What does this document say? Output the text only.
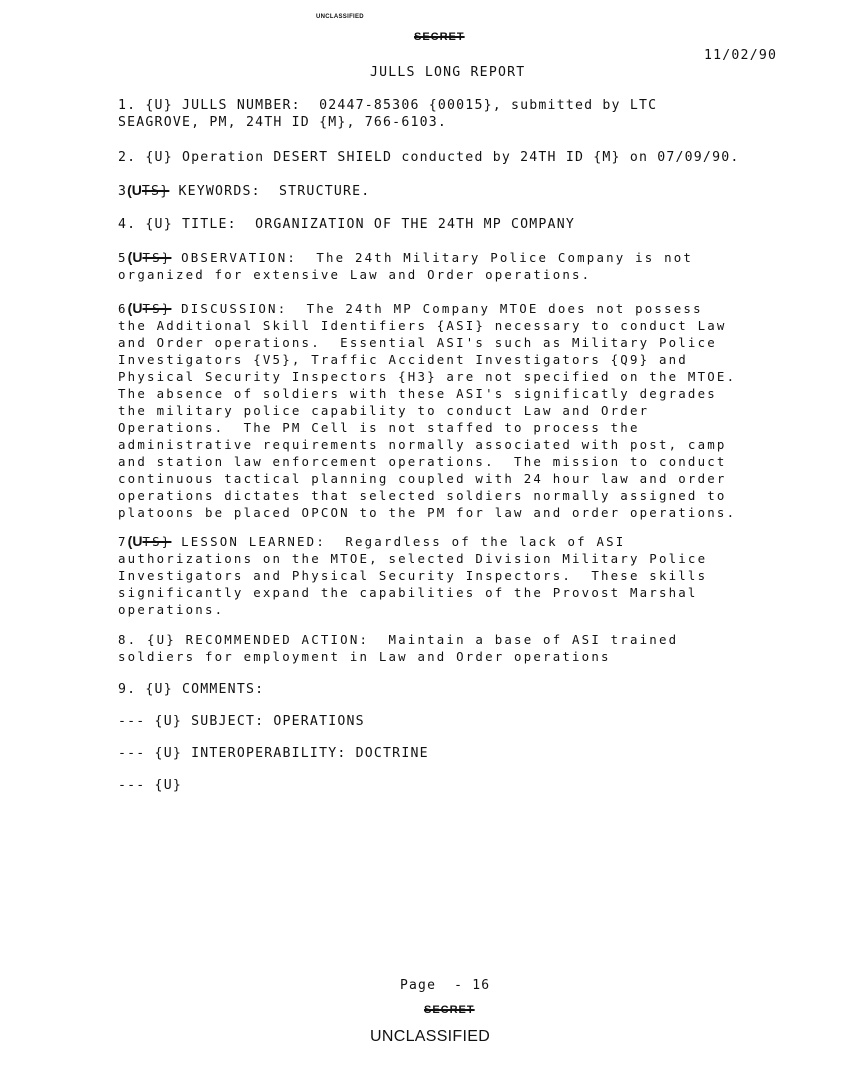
UNCLASSIFIED
SECRET
11/02/90
JULLS LONG REPORT
1. {U} JULLS NUMBER:  02447-85306 {00015}, submitted by LTC
SEAGROVE, PM, 24TH ID {M}, 766-6103.
2. {U} Operation DESERT SHIELD conducted by 24TH ID {M} on 07/09/90.
3(UTS} KEYWORDS:  STRUCTURE.
4. {U} TITLE:  ORGANIZATION OF THE 24TH MP COMPANY
5(UTS} OBSERVATION:  The 24th Military Police Company is not
organized for extensive Law and Order operations.
6(UTS} DISCUSSION:  The 24th MP Company MTOE does not possess
the Additional Skill Identifiers {ASI} necessary to conduct Law
and Order operations.  Essential ASI's such as Military Police
Investigators {V5}, Traffic Accident Investigators {Q9} and
Physical Security Inspectors {H3} are not specified on the MTOE.
The absence of soldiers with these ASI's significatly degrades
the military police capability to conduct Law and Order
Operations.  The PM Cell is not staffed to process the
administrative requirements normally associated with post, camp
and station law enforcement operations.  The mission to conduct
continuous tactical planning coupled with 24 hour law and order
operations dictates that selected soldiers normally assigned to
platoons be placed OPCON to the PM for law and order operations.
7(UTS} LESSON LEARNED:  Regardless of the lack of ASI
authorizations on the MTOE, selected Division Military Police
Investigators and Physical Security Inspectors.  These skills
significantly expand the capabilities of the Provost Marshal
operations.
8. {U} RECOMMENDED ACTION:  Maintain a base of ASI trained
soldiers for employment in Law and Order operations
9. {U} COMMENTS:
--- {U} SUBJECT: OPERATIONS
--- {U} INTEROPERABILITY: DOCTRINE
--- {U}
Page  - 16
SECRET
UNCLASSIFIED
